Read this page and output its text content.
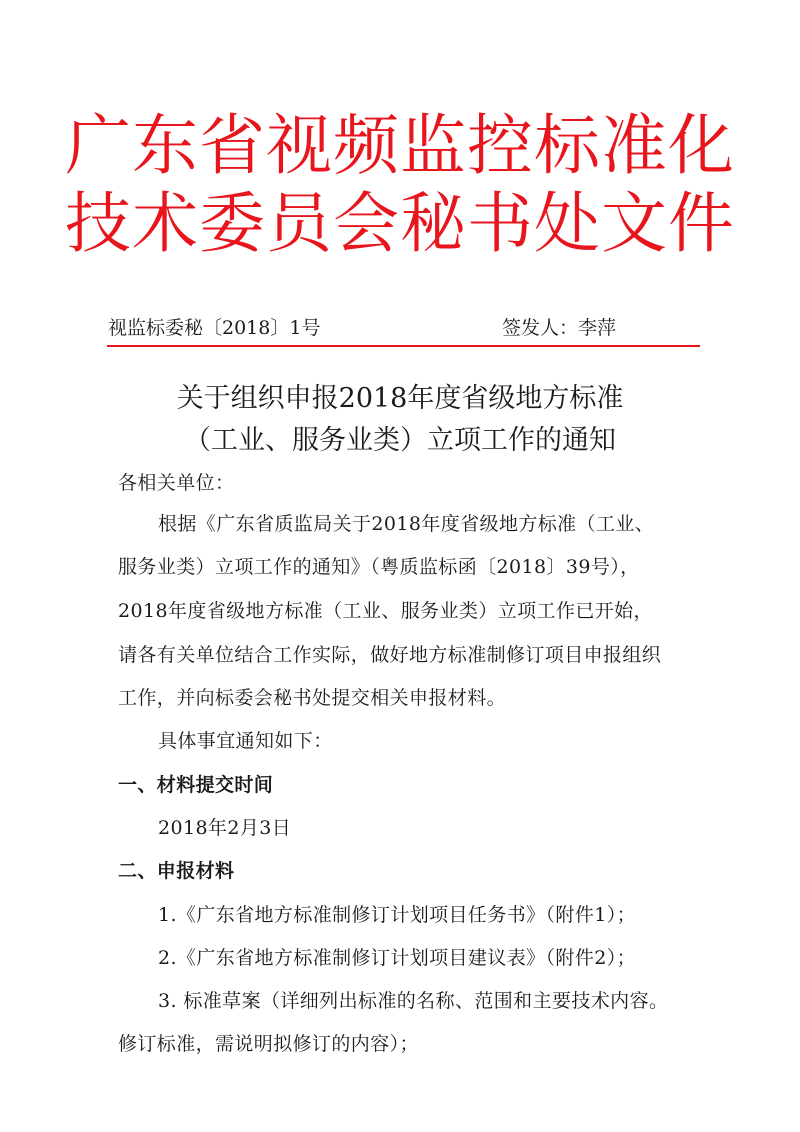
广东省视频监控标准化
技术委员会秘书处文件
视监标委秘〔2018〕1号	签发人：李萍
关于组织申报2018年度省级地方标准
（工业、服务业类）立项工作的通知
各相关单位：
根据《广东省质监局关于2018年度省级地方标准（工业、
服务业类）立项工作的通知》（粤质监标函〔2018〕39号），
2018年度省级地方标准（工业、服务业类）立项工作已开始，
请各有关单位结合工作实际，做好地方标准制修订项目申报组织
工作，并向标委会秘书处提交相关申报材料。
具体事宜通知如下：
一、材料提交时间
2018年2月3日
二、申报材料
1.《广东省地方标准制修订计划项目任务书》（附件1）；
2.《广东省地方标准制修订计划项目建议表》（附件2）；
3. 标准草案（详细列出标准的名称、范围和主要技术内容。
修订标准，需说明拟修订的内容）；
